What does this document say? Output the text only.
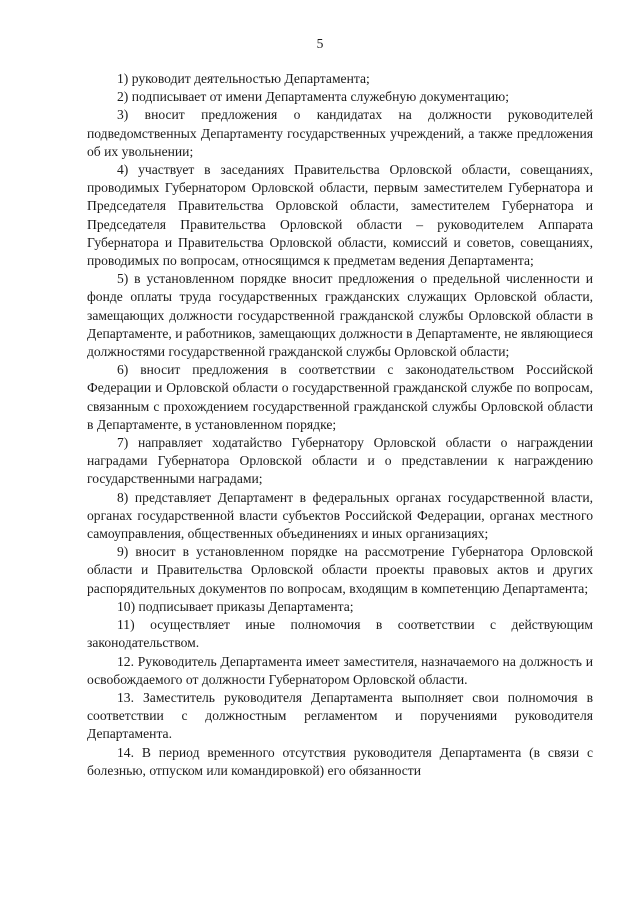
5

1) руководит деятельностью Департамента;

2) подписывает от имени Департамента служебную документацию;

3) вносит предложения о кандидатах на должности руководителей подведомственных Департаменту государственных учреждений, а также предложения об их увольнении;

4) участвует в заседаниях Правительства Орловской области, совещаниях, проводимых Губернатором Орловской области, первым заместителем Губернатора и Председателя Правительства Орловской области, заместителем Губернатора и Председателя Правительства Орловской области – руководителем Аппарата Губернатора и Правительства Орловской области, комиссий и советов, совещаниях, проводимых по вопросам, относящимся к предметам ведения Департамента;

5) в установленном порядке вносит предложения о предельной численности и фонде оплаты труда государственных гражданских служащих Орловской области, замещающих должности государственной гражданской службы Орловской области в Департаменте, и работников, замещающих должности в Департаменте, не являющиеся должностями государственной гражданской службы Орловской области;

6) вносит предложения в соответствии с законодательством Российской Федерации и Орловской области о государственной гражданской службе по вопросам, связанным с прохождением государственной гражданской службы Орловской области в Департаменте, в установленном порядке;

7) направляет ходатайство Губернатору Орловской области о награждении наградами Губернатора Орловской области и о представлении к награждению государственными наградами;

8) представляет Департамент в федеральных органах государственной власти, органах государственной власти субъектов Российской Федерации, органах местного самоуправления, общественных объединениях и иных организациях;

9) вносит в установленном порядке на рассмотрение Губернатора Орловской области и Правительства Орловской области проекты правовых актов и других распорядительных документов по вопросам, входящим в компетенцию Департамента;

10) подписывает приказы Департамента;

11) осуществляет иные полномочия в соответствии с действующим законодательством.

12. Руководитель Департамента имеет заместителя, назначаемого на должность и освобождаемого от должности Губернатором Орловской области.

13. Заместитель руководителя Департамента выполняет свои полномочия в соответствии с должностным регламентом и поручениями руководителя Департамента.

14. В период временного отсутствия руководителя Департамента (в связи с болезнью, отпуском или командировкой) его обязанности
